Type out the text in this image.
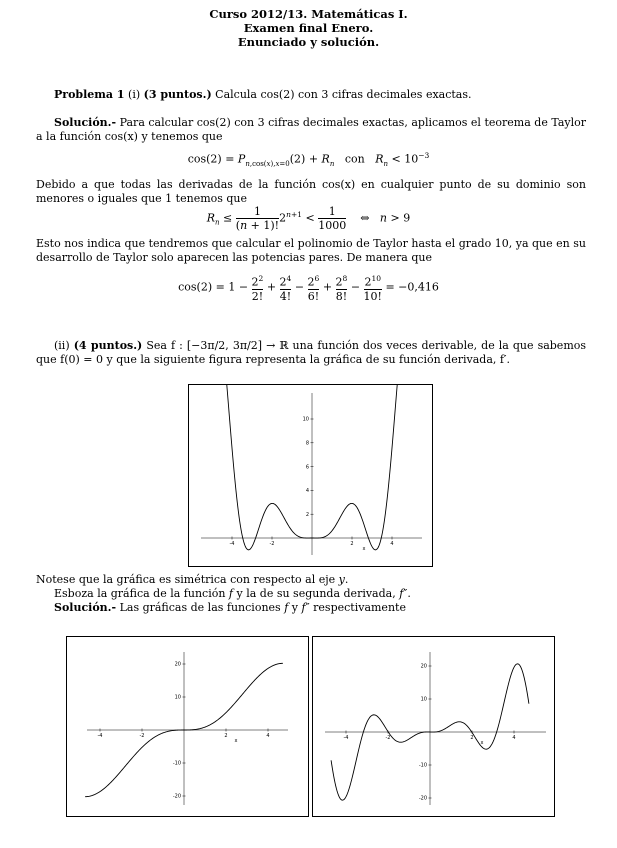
Curso 2012/13. Matemáticas I.
Examen final Enero.
Enunciado y solución.
Problema 1 (i) (3 puntos.) Calcula cos(2) con 3 cifras decimales exactas.
Solución.- Para calcular cos(2) con 3 cifras decimales exactas, aplicamos el teorema de Taylor a la función cos(x) y tenemos que
$\cos(2) = P_{n,cos(x),x=0}(2) + R_n$   con   $R_n < 10^{-3}$
Debido a que todas las derivadas de la función cos(x) en cualquier punto de su dominio son menores o iguales que 1 tenemos que
$R_n \le \frac{1}{(n + 1)!} 2^{n+1} < \frac{1}{1000}$ ⇔   n > 9
Esto nos indica que tendremos que calcular el polinomio de Taylor hasta el grado 10, ya que en su desarrollo de Taylor solo aparecen las potencias pares. De manera que
$\cos(2) = 1 - \frac{2^2}{2!} + \frac{2^4}{4!} - \frac{2^6}{6!} + \frac{2^8}{8!} - \frac{2^{10}}{10!} = -0,416$
(ii) (4 puntos.) Sea f : [−3π/2, 3π/2] → ℝ una función dos veces derivable, de la que sabemos que f(0) = 0 y que la siguiente figura representa la gráfica de su función derivada, f′.
-4	-2	2	4
2
4
6
8
10
x
Notese que la gráfica es simétrica con respecto al eje y.
Esboza la gráfica de la función f y la de su segunda derivada, f″.
Solución.- Las gráficas de las funciones f y f″ respectivamente
-4	-2	2	4
-20
-10
10
20
x	-4	-2	2	4
-20
-10
10
20
x
